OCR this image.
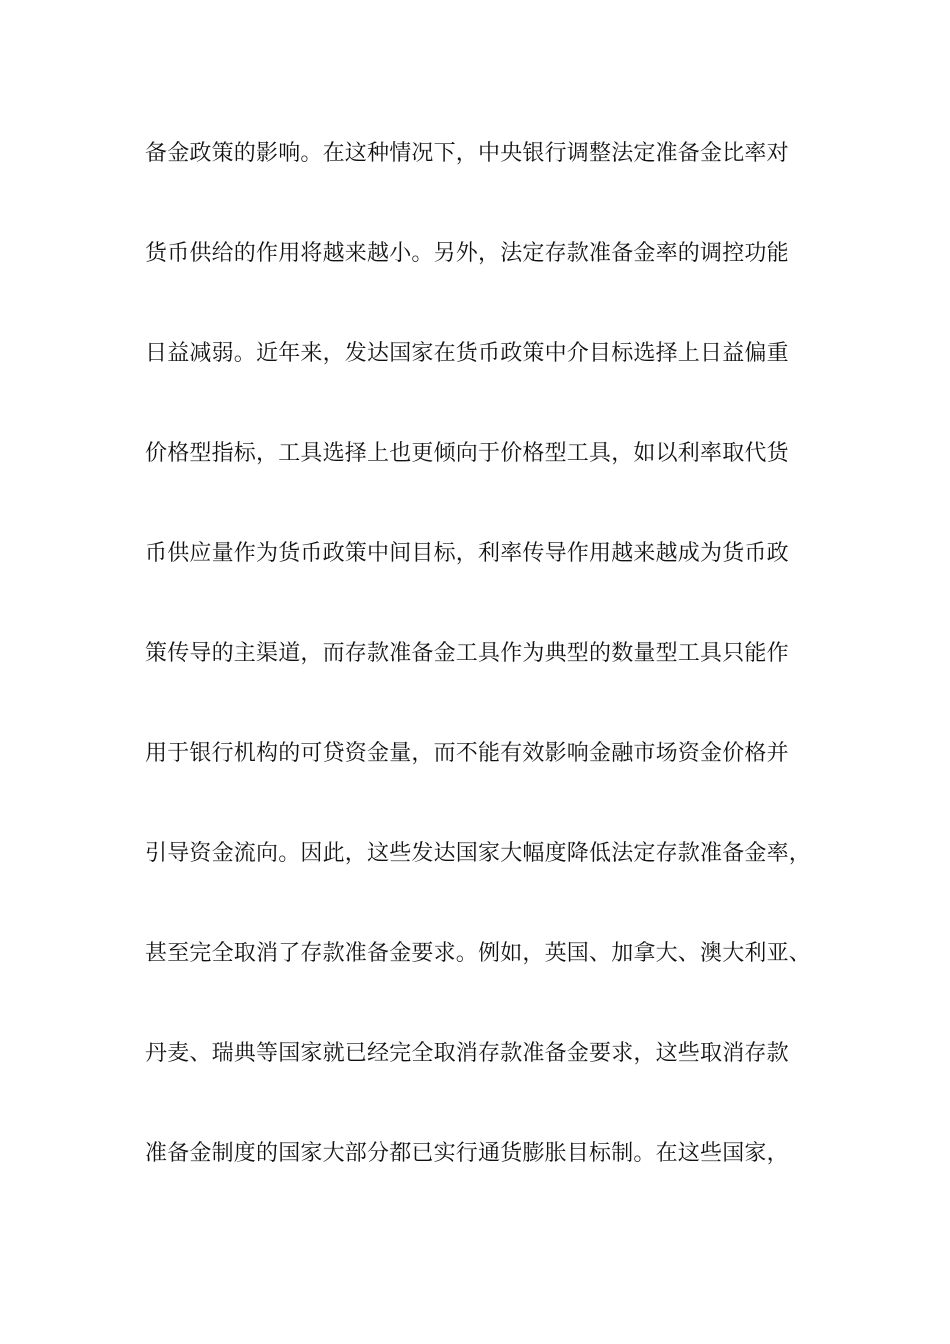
备金政策的影响。在这种情况下，中央银行调整法定准备金比率对
货币供给的作用将越来越小。另外，法定存款准备金率的调控功能
日益减弱。近年来，发达国家在货币政策中介目标选择上日益偏重
价格型指标，工具选择上也更倾向于价格型工具，如以利率取代货
币供应量作为货币政策中间目标，利率传导作用越来越成为货币政
策传导的主渠道，而存款准备金工具作为典型的数量型工具只能作
用于银行机构的可贷资金量，而不能有效影响金融市场资金价格并
引导资金流向。因此，这些发达国家大幅度降低法定存款准备金率，
甚至完全取消了存款准备金要求。例如，英国、加拿大、澳大利亚、
丹麦、瑞典等国家就已经完全取消存款准备金要求，这些取消存款
准备金制度的国家大部分都已实行通货膨胀目标制。在这些国家，
